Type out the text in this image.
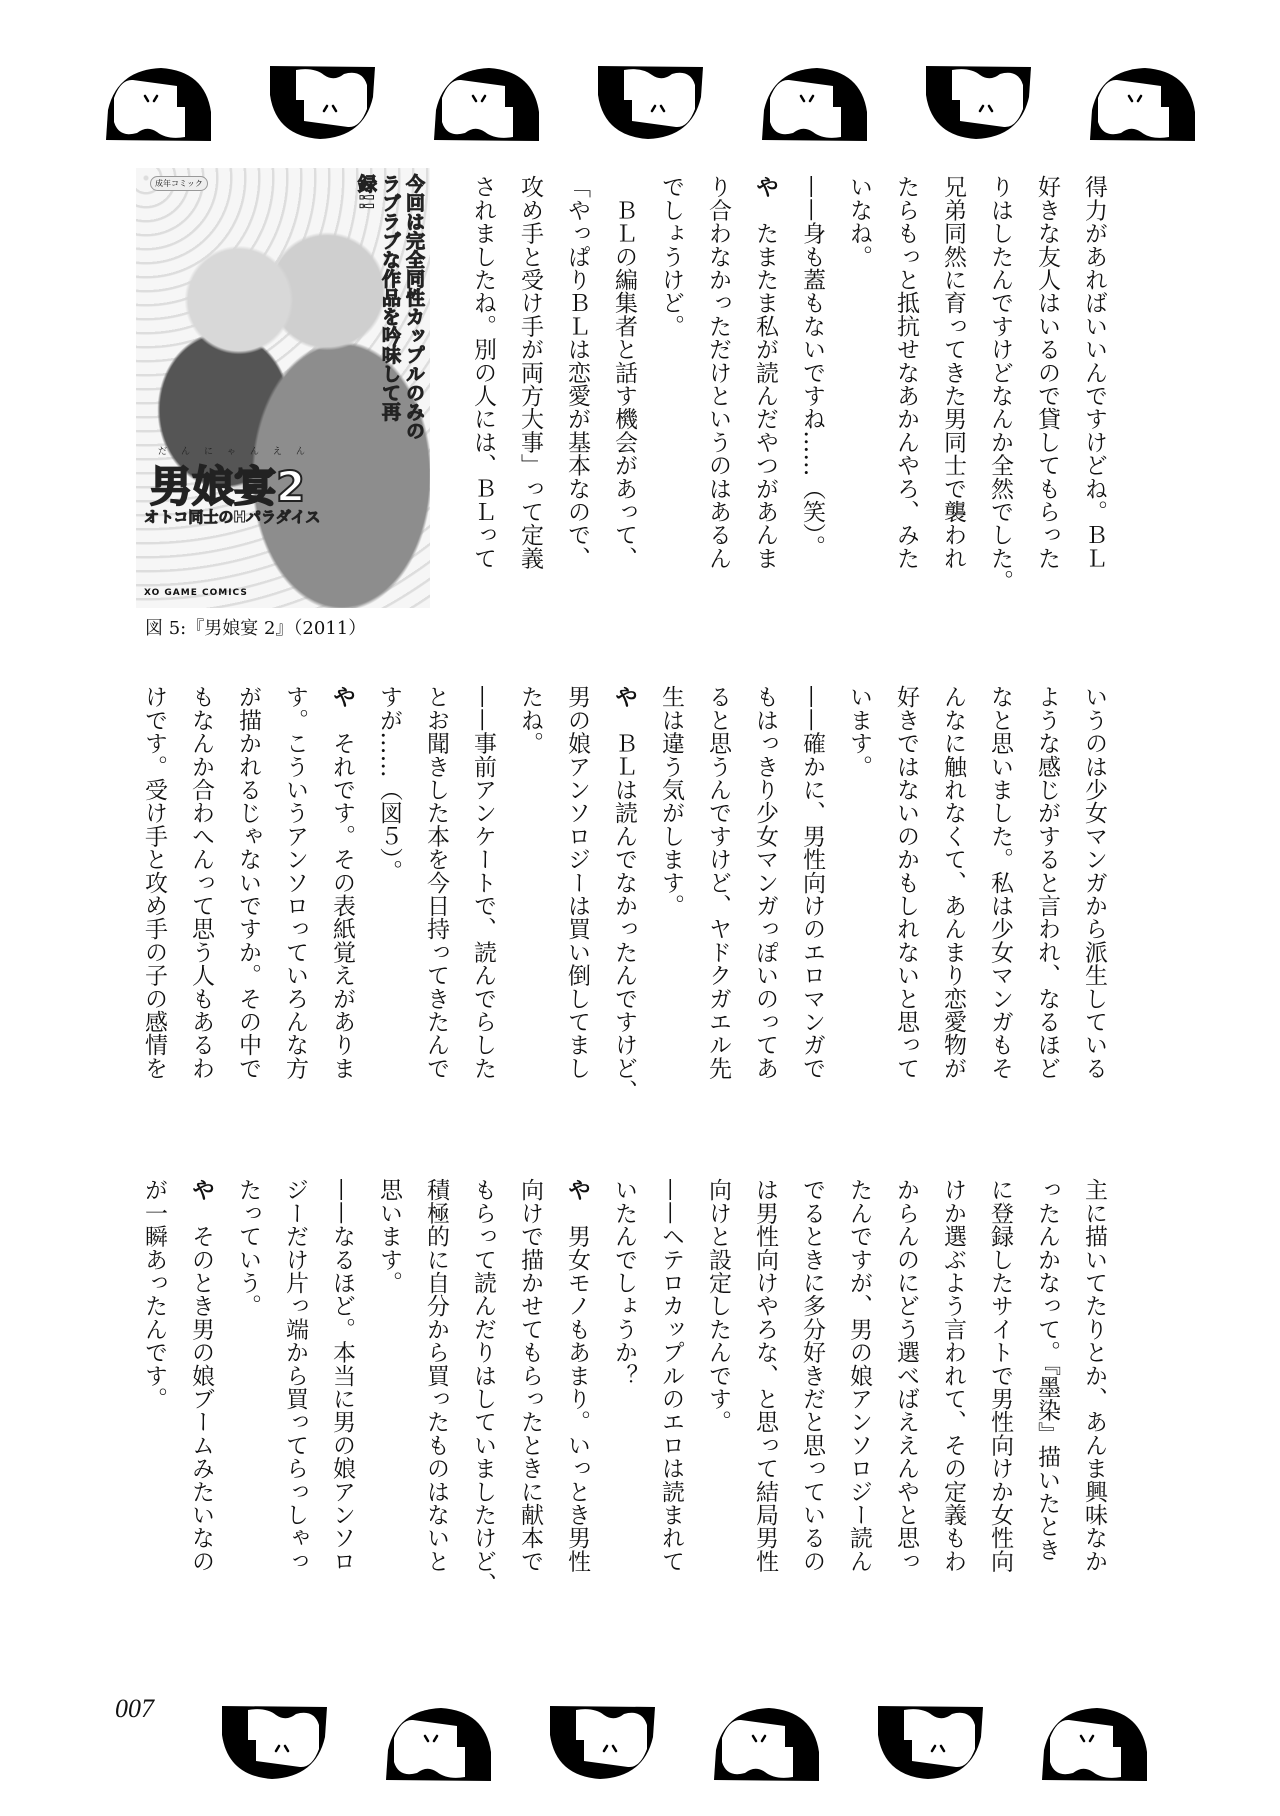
得力があればいいんですけどね。ＢＬ
好きな友人はいるので貸してもらった
りはしたんですけどなんか全然でした。
兄弟同然に育ってきた男同士で襲われ
たらもっと抵抗せなあかんやろ、みた
いなね。
——身も蓋もないですね……（笑）。
や　たまたま私が読んだやつがあんま
り合わなかっただけというのはあるん
でしょうけど。
　ＢＬの編集者と話す機会があって、
「やっぱりＢＬは恋愛が基本なので、
攻め手と受け手が両方大事」って定義
されましたね。別の人には、ＢＬって
いうのは少女マンガから派生している
ような感じがすると言われ、なるほど
なと思いました。私は少女マンガもそ
んなに触れなくて、あんまり恋愛物が
好きではないのかもしれないと思って
います。
——確かに、男性向けのエロマンガで
もはっきり少女マンガっぽいのってあ
ると思うんですけど、ヤドクガエル先
生は違う気がします。
や　ＢＬは読んでなかったんですけど、
男の娘アンソロジーは買い倒してまし
たね。
——事前アンケートで、読んでらした
とお聞きした本を今日持ってきたんで
すが……（図５）。
や　それです。その表紙覚えがありま
す。こういうアンソロっていろんな方
が描かれるじゃないですか。その中で
もなんか合わへんって思う人もあるわ
けです。受け手と攻め手の子の感情を
主に描いてたりとか、あんま興味なか
ったんかなって。『墨染』描いたとき
に登録したサイトで男性向けか女性向
けか選ぶよう言われて、その定義もわ
からんのにどう選べばええんやと思っ
たんですが、男の娘アンソロジー読ん
でるときに多分好きだと思っているの
は男性向けやろな、と思って結局男性
向けと設定したんです。
——ヘテロカップルのエロは読まれて
いたんでしょうか？
や　男女モノもあまり。いっとき男性
向けで描かせてもらったときに献本で
もらって読んだりはしていましたけど、
積極的に自分から買ったものはないと
思います。
——なるほど。本当に男の娘アンソロ
ジーだけ片っ端から買ってらっしゃっ
たっていう。
や　そのとき男の娘ブームみたいなの
が一瞬あったんです。
成年コミック	今回は完全同性カップルのみのラブラブな作品を吟味して再録!!
だんにゃんえん
男娘宴2
オトコ同士のHパラダイス
XO GAME COMICS
図 5:『男娘宴 2』（2011）
007
